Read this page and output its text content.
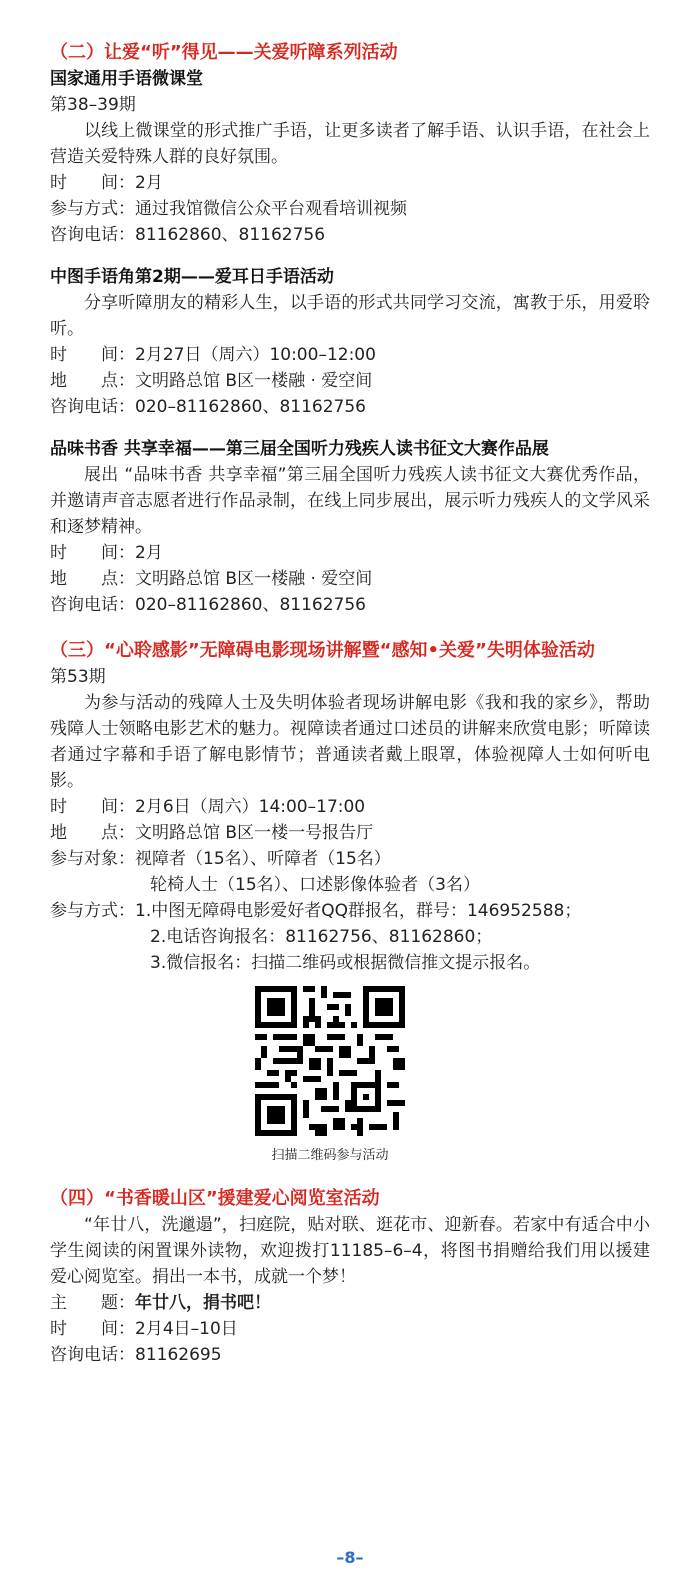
（二）让爱“听”得见——关爱听障系列活动

国家通用手语微课堂

第38–39期

以线上微课堂的形式推广手语，让更多读者了解手语、认识手语，在社会上营造关爱特殊人群的良好氛围。

时　　间：2月

参与方式：通过我馆微信公众平台观看培训视频

咨询电话：81162860、81162756

中图手语角第2期——爱耳日手语活动

分享听障朋友的精彩人生，以手语的形式共同学习交流，寓教于乐，用爱聆听。

时　　间：2月27日（周六）10:00–12:00

地　　点：文明路总馆 B区一楼融 · 爱空间

咨询电话：020–81162860、81162756

品味书香 共享幸福——第三届全国听力残疾人读书征文大赛作品展

展出 “品味书香 共享幸福”第三届全国听力残疾人读书征文大赛优秀作品，并邀请声音志愿者进行作品录制，在线上同步展出，展示听力残疾人的文学风采和逐梦精神。

时　　间：2月

地　　点：文明路总馆 B区一楼融 · 爱空间

咨询电话：020–81162860、81162756

（三）“心聆感影”无障碍电影现场讲解暨“感知•关爱”失明体验活动

第53期

为参与活动的残障人士及失明体验者现场讲解电影《我和我的家乡》，帮助残障人士领略电影艺术的魅力。视障读者通过口述员的讲解来欣赏电影；听障读者通过字幕和手语了解电影情节；普通读者戴上眼罩，体验视障人士如何听电影。

时　　间：2月6日（周六）14:00–17:00

地　　点：文明路总馆 B区一楼一号报告厅

参与对象：视障者（15名）、听障者（15名）

轮椅人士（15名）、口述影像体验者（3名）

参与方式：1.中图无障碍电影爱好者QQ群报名，群号：146952588；

2.电话咨询报名：81162756、81162860；

3.微信报名：扫描二维码或根据微信推文提示报名。

扫描二维码参与活动

（四）“书香暖山区”援建爱心阅览室活动

“年廿八，洗邋遢”，扫庭院，贴对联、逛花市、迎新春。若家中有适合中小学生阅读的闲置课外读物，欢迎拨打11185–6–4，将图书捐赠给我们用以援建爱心阅览室。捐出一本书，成就一个梦！

主　　题：年廿八，捐书吧！

时　　间：2月4日–10日

咨询电话：81162695

–8–
